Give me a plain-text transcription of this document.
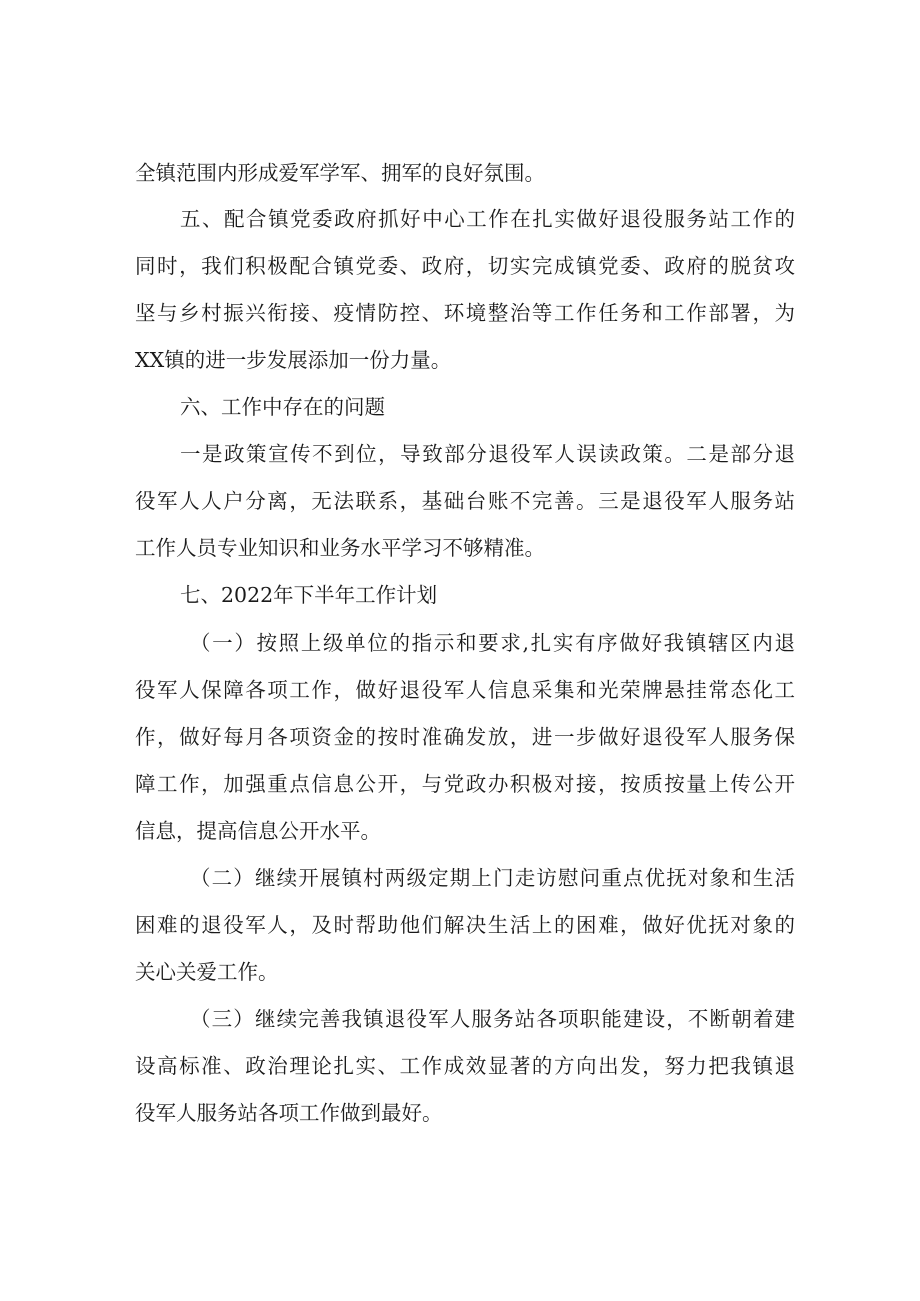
全镇范围内形成爱军学军、拥军的良好氛围。
五、配合镇党委政府抓好中心工作在扎实做好退役服务站工作的
同时，我们积极配合镇党委、政府，切实完成镇党委、政府的脱贫攻
坚与乡村振兴衔接、疫情防控、环境整治等工作任务和工作部署，为
XX镇的进一步发展添加一份力量。
六、工作中存在的问题
一是政策宣传不到位，导致部分退役军人误读政策。二是部分退
役军人人户分离，无法联系，基础台账不完善。三是退役军人服务站
工作人员专业知识和业务水平学习不够精准。
七、2022年下半年工作计划
（一）按照上级单位的指示和要求,扎实有序做好我镇辖区内退
役军人保障各项工作，做好退役军人信息采集和光荣牌悬挂常态化工
作，做好每月各项资金的按时准确发放，进一步做好退役军人服务保
障工作，加强重点信息公开，与党政办积极对接，按质按量上传公开
信息，提高信息公开水平。
（二）继续开展镇村两级定期上门走访慰问重点优抚对象和生活
困难的退役军人，及时帮助他们解决生活上的困难，做好优抚对象的
关心关爱工作。
（三）继续完善我镇退役军人服务站各项职能建设，不断朝着建
设高标准、政治理论扎实、工作成效显著的方向出发，努力把我镇退
役军人服务站各项工作做到最好。
